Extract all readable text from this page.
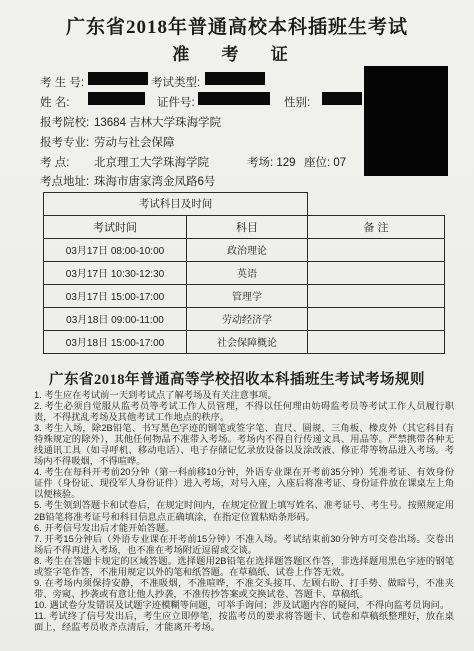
广东省2018年普通高校本科插班生考试
准 考 证
考 生 号:	考试类型:
姓 名:	证件号:	性别:
报考院校: 13684 吉林大学珠海学院
报考专业: 劳动与社会保障
考 点: 北京理工大学珠海学院	考场: 129 座位: 07
考点地址: 珠海市唐家湾金凤路6号
考试科目及时间		
考试时间	科目	备 注
03月17日 08:00-10:00	政治理论	
03月17日 10:30-12:30	英语	
03月17日 15:00-17:00	管理学	
03月18日 09:00-11:00	劳动经济学	
03月18日 15:00-17:00	社会保障概论	
广东省2018年普通高等学校招收本科插班生考试考场规则

1. 考生应在考试前一天到考试点了解考场及有关注意事项。

2. 考生必须自觉服从监考员等考试工作人员管理，不得以任何理由妨碍监考员等考试工作人员履行职责，不得扰乱考场及其他考试工作地点的秩序。

3. 考生入场，除2B铅笔、书写黑色字迹的钢笔或签字笔、直尺、圆规、三角板、橡皮外（其它科目有特殊规定的除外），其他任何物品不准带入考场。考场内不得自行传递文具、用品等。严禁携带各种无线通讯工具（如寻呼机、移动电话）、电子存储记忆录放设备以及涂改液、修正带等物品进入考场。考场内不得吸烟，不得喧哗。

4. 考生在每科开考前20分钟（第一科前移10分钟，外语专业课在开考前35分钟）凭准考证、有效身份证件（身份证、现役军人身份证件）进入考场，对号入座，入座后将准考证、身份证件放在课桌左上角以便核验。

5. 考生领到答题卡和试卷后，在规定时间内，在规定位置上填写姓名、准考证号、考生号。按照规定用2B铅笔将准考证号和科目信息点正确填涂，在指定位置粘贴条形码。

6. 开考信号发出后才能开始答题。

7. 开考15分钟后（外语专业课在开考前15分钟）不准入场。考试结束前30分钟方可交卷出场。交卷出场后不得再进入考场，也不准在考场附近逗留或交谈。

8. 考生在答题卡规定的区域答题。选择题用2B铅笔在选择题答题区作答，非选择题用黑色字迹的钢笔或签字笔作答，不准用规定以外的笔和纸答题。在草稿纸、试卷上作答无效。

9. 在考场内须保持安静，不准吸烟，不准喧哗，不准交头接耳、左顾右盼、打手势、做暗号，不准夹带、旁窥、抄袭或有意让他人抄袭，不准传抄答案或交换试卷、答题卡、草稿纸。

10. 遇试卷分发错误及试题字迹模糊等问题，可举手询问；涉及试题内容的疑问，不得向监考员询问。

11. 考试终了信号发出后，考生应立即停笔，按监考员的要求将答题卡、试卷和草稿纸整理好，放在桌面上，经监考员收齐点清后，才能离开考场。
